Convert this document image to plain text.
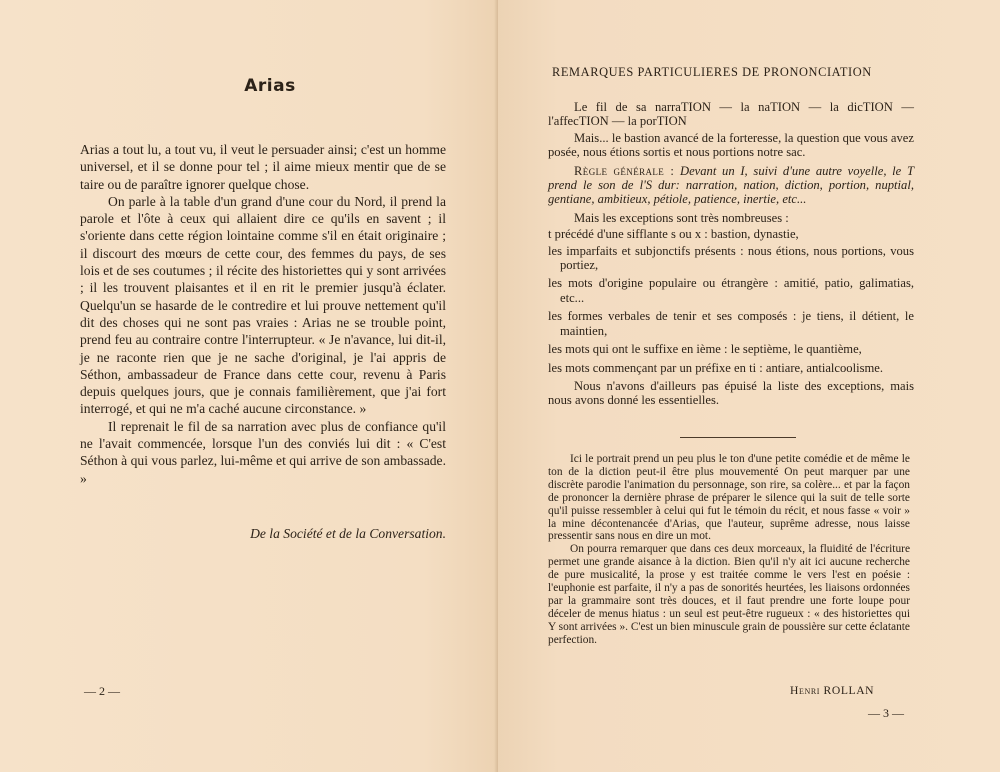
Arias

Arias a tout lu, a tout vu, il veut le persuader ainsi; c'est un homme universel, et il se donne pour tel ; il aime mieux mentir que de se taire ou de paraître ignorer quelque chose.

On parle à la table d'un grand d'une cour du Nord, il prend la parole et l'ôte à ceux qui allaient dire ce qu'ils en savent ; il s'oriente dans cette région lointaine comme s'il en était originaire ; il discourt des mœurs de cette cour, des femmes du pays, de ses lois et de ses coutumes ; il récite des historiettes qui y sont arrivées ; il les trouvent plaisantes et il en rit le premier jusqu'à éclater. Quelqu'un se hasarde de le contredire et lui prouve nettement qu'il dit des choses qui ne sont pas vraies : Arias ne se trouble point, prend feu au contraire contre l'interrupteur. « Je n'avance, lui dit-il, je ne raconte rien que je ne sache d'original, je l'ai appris de Séthon, ambassadeur de France dans cette cour, revenu à Paris depuis quelques jours, que je connais familièrement, que j'ai fort interrogé, et qui ne m'a caché aucune circonstance. »

Il reprenait le fil de sa narration avec plus de confiance qu'il ne l'avait commencée, lorsque l'un des conviés lui dit : « C'est Séthon à qui vous parlez, lui-même et qui arrive de son ambassade. »

De la Société et de la Conversation.
— 2 —
REMARQUES PARTICULIERES DE PRONONCIATION

Le fil de sa narraTION — la naTION — la dicTION — l'affecTION — la porTION

Mais... le bastion avancé de la forteresse, la question que vous avez posée, nous étions sortis et nous portions notre sac.

Règle générale : Devant un I, suivi d'une autre voyelle, le T prend le son de l'S dur: narration, nation, diction, portion, nuptial, gentiane, ambitieux, pétiole, patience, inertie, etc...

Mais les exceptions sont très nombreuses :

t précédé d'une sifflante s ou x : bastion, dynastie,

les imparfaits et subjonctifs présents : nous étions, nous portions, vous portiez,

les mots d'origine populaire ou étrangère : amitié, patio, galimatias, etc...

les formes verbales de tenir et ses composés : je tiens, il détient, le maintien,

les mots qui ont le suffixe en ième : le septième, le quantième,

les mots commençant par un préfixe en ti : antiare, antialcoolisme.

Nous n'avons d'ailleurs pas épuisé la liste des exceptions, mais nous avons donné les essentielles.

Ici le portrait prend un peu plus le ton d'une petite comédie et de même le ton de la diction peut-il être plus mouvementé On peut marquer par une discrète parodie l'animation du personnage, son rire, sa colère... et par la façon de prononcer la dernière phrase de préparer le silence qui la suit de telle sorte qu'il puisse ressembler à celui qui fut le témoin du récit, et nous fasse « voir » la mine décontenancée d'Arias, que l'auteur, suprême adresse, nous laisse pressentir sans nous en dire un mot.

On pourra remarquer que dans ces deux morceaux, la fluidité de l'écriture permet une grande aisance à la diction. Bien qu'il n'y ait ici aucune recherche de pure musicalité, la prose y est traitée comme le vers l'est en poésie : l'euphonie est parfaite, il n'y a pas de sonorités heurtées, les liaisons ordonnées par la grammaire sont très douces, et il faut prendre une forte loupe pour déceler de menus hiatus : un seul est peut-être rugueux : « des historiettes qui Y sont arrivées ». C'est un bien minuscule grain de poussière sur cette éclatante perfection.

Henri ROLLAN
— 3 —
